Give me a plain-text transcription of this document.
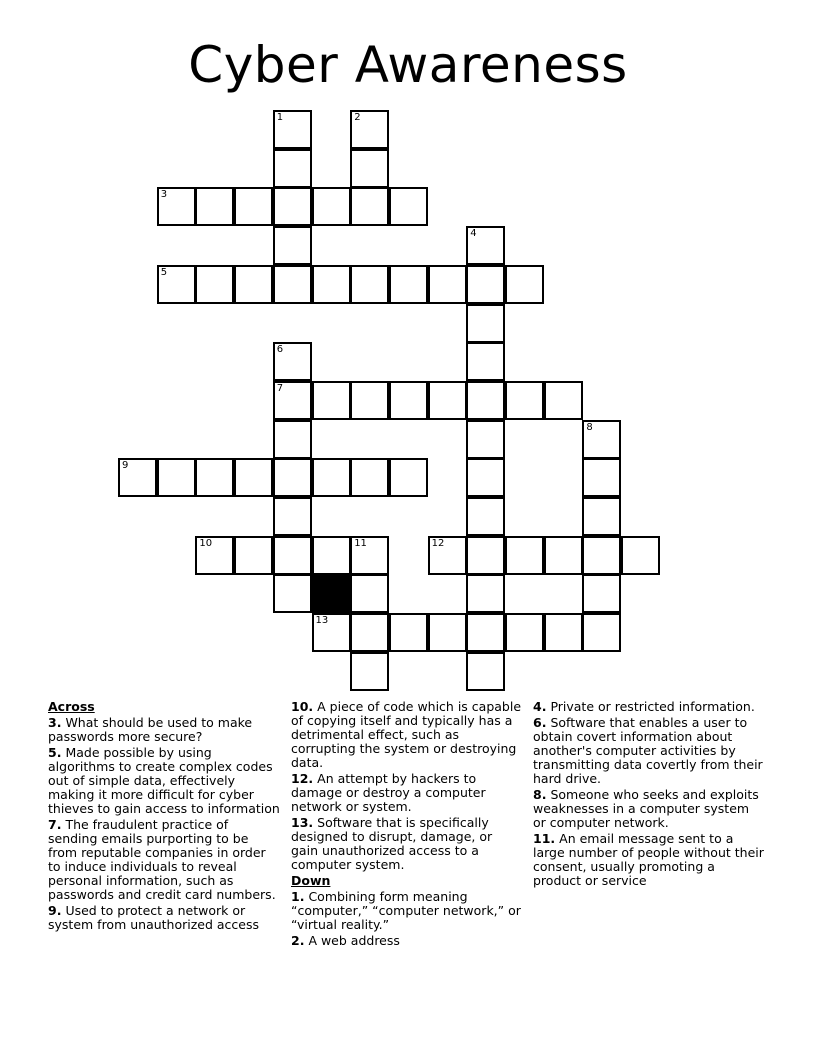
Cyber Awareness
1	2
3
4
5
6
7
8
9
10	11	12
13
Across
3. What should be used to make passwords more secure?
5. Made possible by using algorithms to create complex codes out of simple data, effectively making it more difficult for cyber thieves to gain access to information
7. The fraudulent practice of sending emails purporting to be from reputable companies in order to induce individuals to reveal personal information, such as passwords and credit card numbers.
9. Used to protect a network or system from unauthorized access
10. A piece of code which is capable of copying itself and typically has a detrimental effect, such as corrupting the system or destroying data.
12. An attempt by hackers to damage or destroy a computer network or system.
13. Software that is specifically designed to disrupt, damage, or gain unauthorized access to a computer system.
Down
1. Combining form meaning “computer,” “computer network,” or “virtual reality.”
2. A web address
4. Private or restricted information.
6. Software that enables a user to obtain covert information about another's computer activities by transmitting data covertly from their hard drive.
8. Someone who seeks and exploits weaknesses in a computer system or computer network.
11. An email message sent to a large number of people without their consent, usually promoting a product or service
